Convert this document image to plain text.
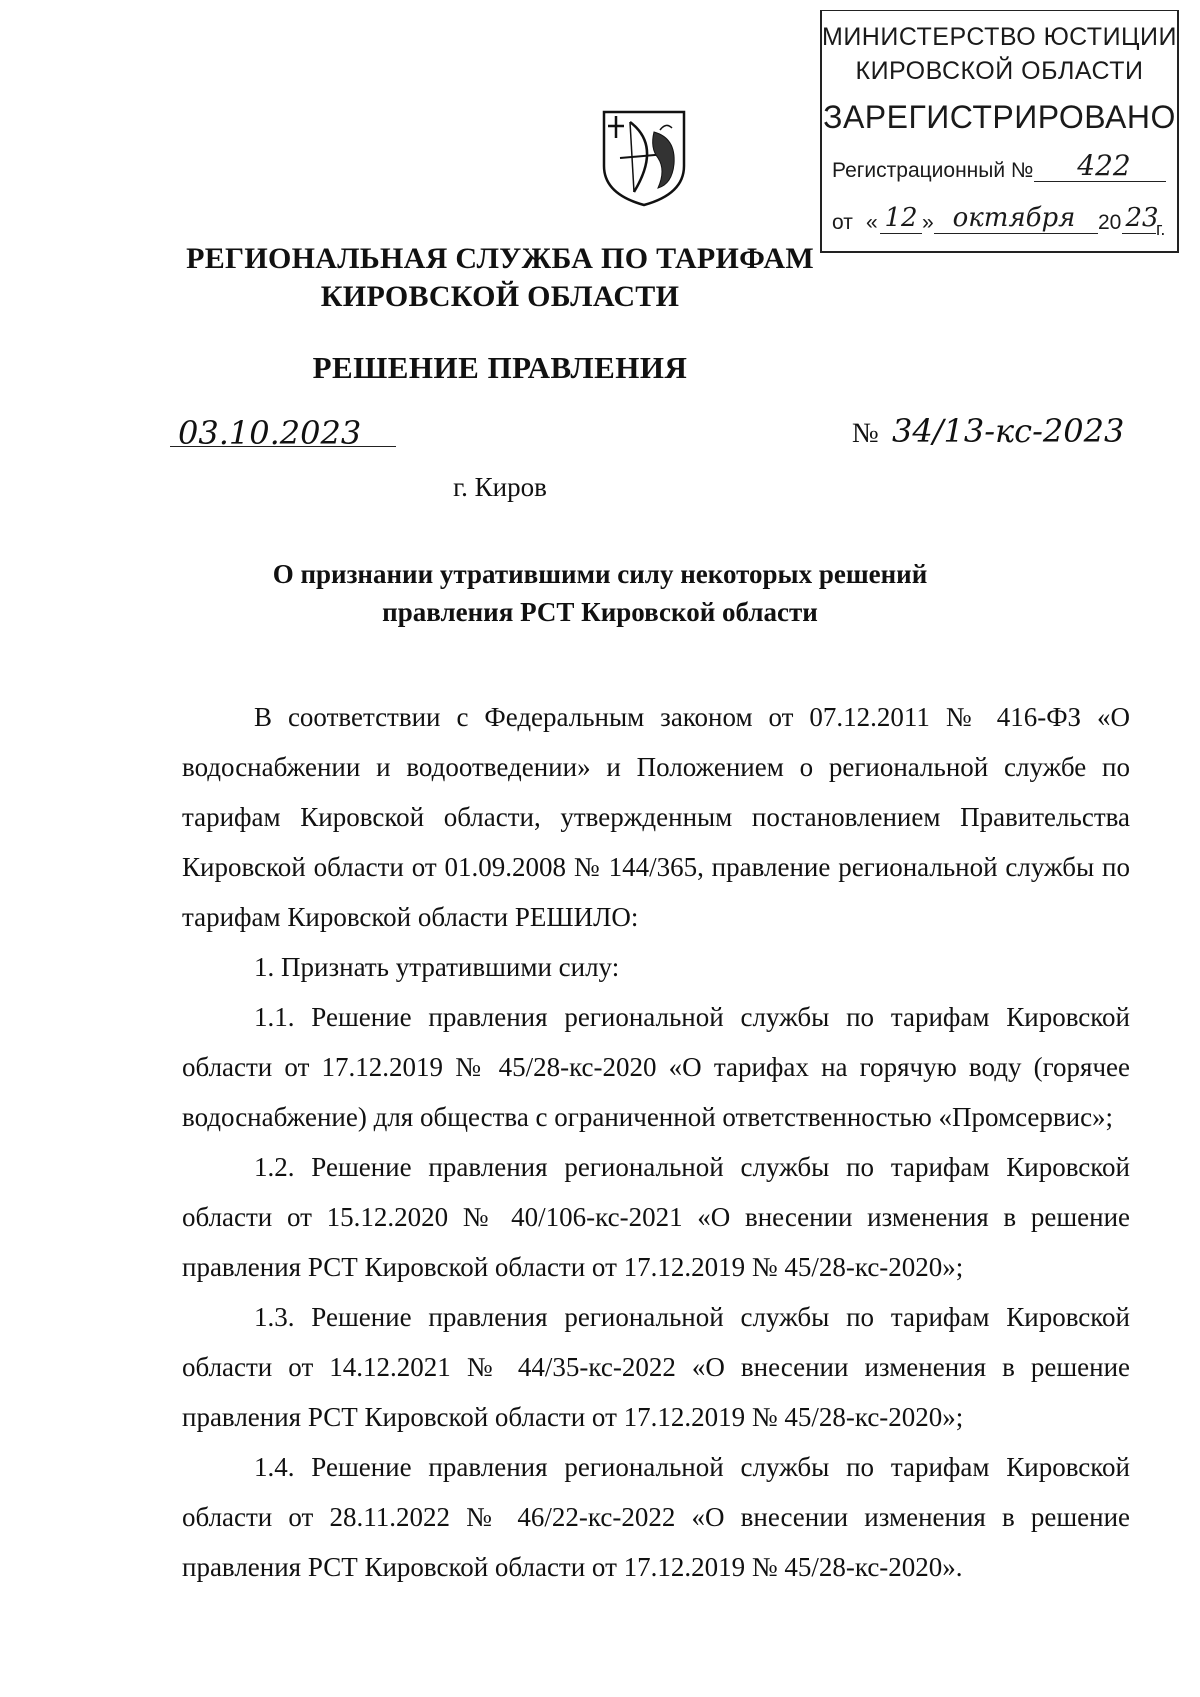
МИНИСТЕРСТВО ЮСТИЦИИ
КИРОВСКОЙ ОБЛАСТИ
ЗАРЕГИСТРИРОВАНО
Регистрационный №	422
от « 12 » октября	20 23
г.
РЕГИОНАЛЬНАЯ СЛУЖБА ПО ТАРИФАМ
КИРОВСКОЙ ОБЛАСТИ
РЕШЕНИЕ ПРАВЛЕНИЯ
03.10.2023	№ 34/13-кс-2023
г. Киров
О признании утратившими силу некоторых решений
правления РСТ Кировской области

В соответствии с Федеральным законом от 07.12.2011 № 416-ФЗ «О водоснабжении и водоотведении» и Положением о региональной службе по тарифам Кировской области, утвержденным постановлением Правительства Кировской области от 01.09.2008 № 144/365, правление региональной службы по тарифам Кировской области РЕШИЛО:

1. Признать утратившими силу:

1.1. Решение правления региональной службы по тарифам Кировской области от 17.12.2019 № 45/28-кс-2020 «О тарифах на горячую воду (горячее водоснабжение) для общества с ограниченной ответственностью «Промсервис»;

1.2. Решение правления региональной службы по тарифам Кировской области от 15.12.2020 № 40/106-кс-2021 «О внесении изменения в решение правления РСТ Кировской области от 17.12.2019 № 45/28-кс-2020»;

1.3. Решение правления региональной службы по тарифам Кировской области от 14.12.2021 № 44/35-кс-2022 «О внесении изменения в решение правления РСТ Кировской области от 17.12.2019 № 45/28-кс-2020»;

1.4. Решение правления региональной службы по тарифам Кировской области от 28.11.2022 № 46/22-кс-2022 «О внесении изменения в решение правления РСТ Кировской области от 17.12.2019 № 45/28-кс-2020».
